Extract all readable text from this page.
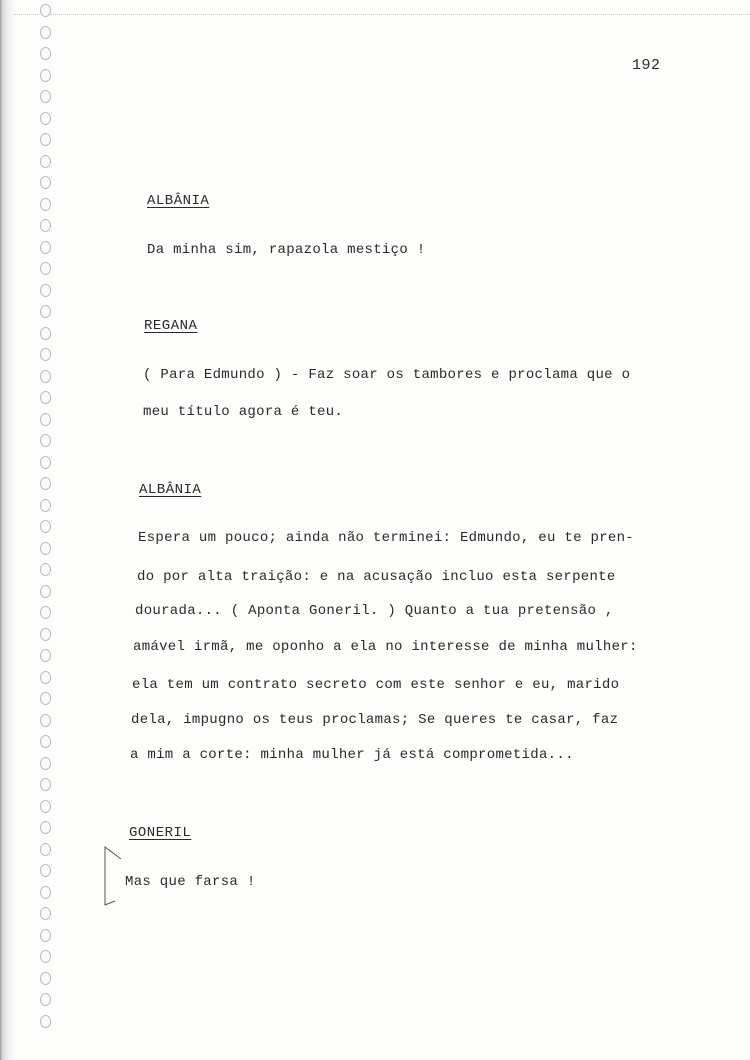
192
ALBÂNIA
Da minha sim, rapazola mestiço !
REGANA
( Para Edmundo ) - Faz soar os tambores e proclama que o
meu título agora é teu.
ALBÂNIA
Espera um pouco; ainda não terminei: Edmundo, eu te pren-
do por alta traição: e na acusação incluo esta serpente
dourada... ( Aponta Goneril. ) Quanto a tua pretensão ,
amável irmã, me oponho a ela no interesse de minha mulher:
ela tem um contrato secreto com este senhor e eu, marido
dela, impugno os teus proclamas; Se queres te casar, faz
a mim a corte: minha mulher já está comprometida...
GONERIL
Mas que farsa !
